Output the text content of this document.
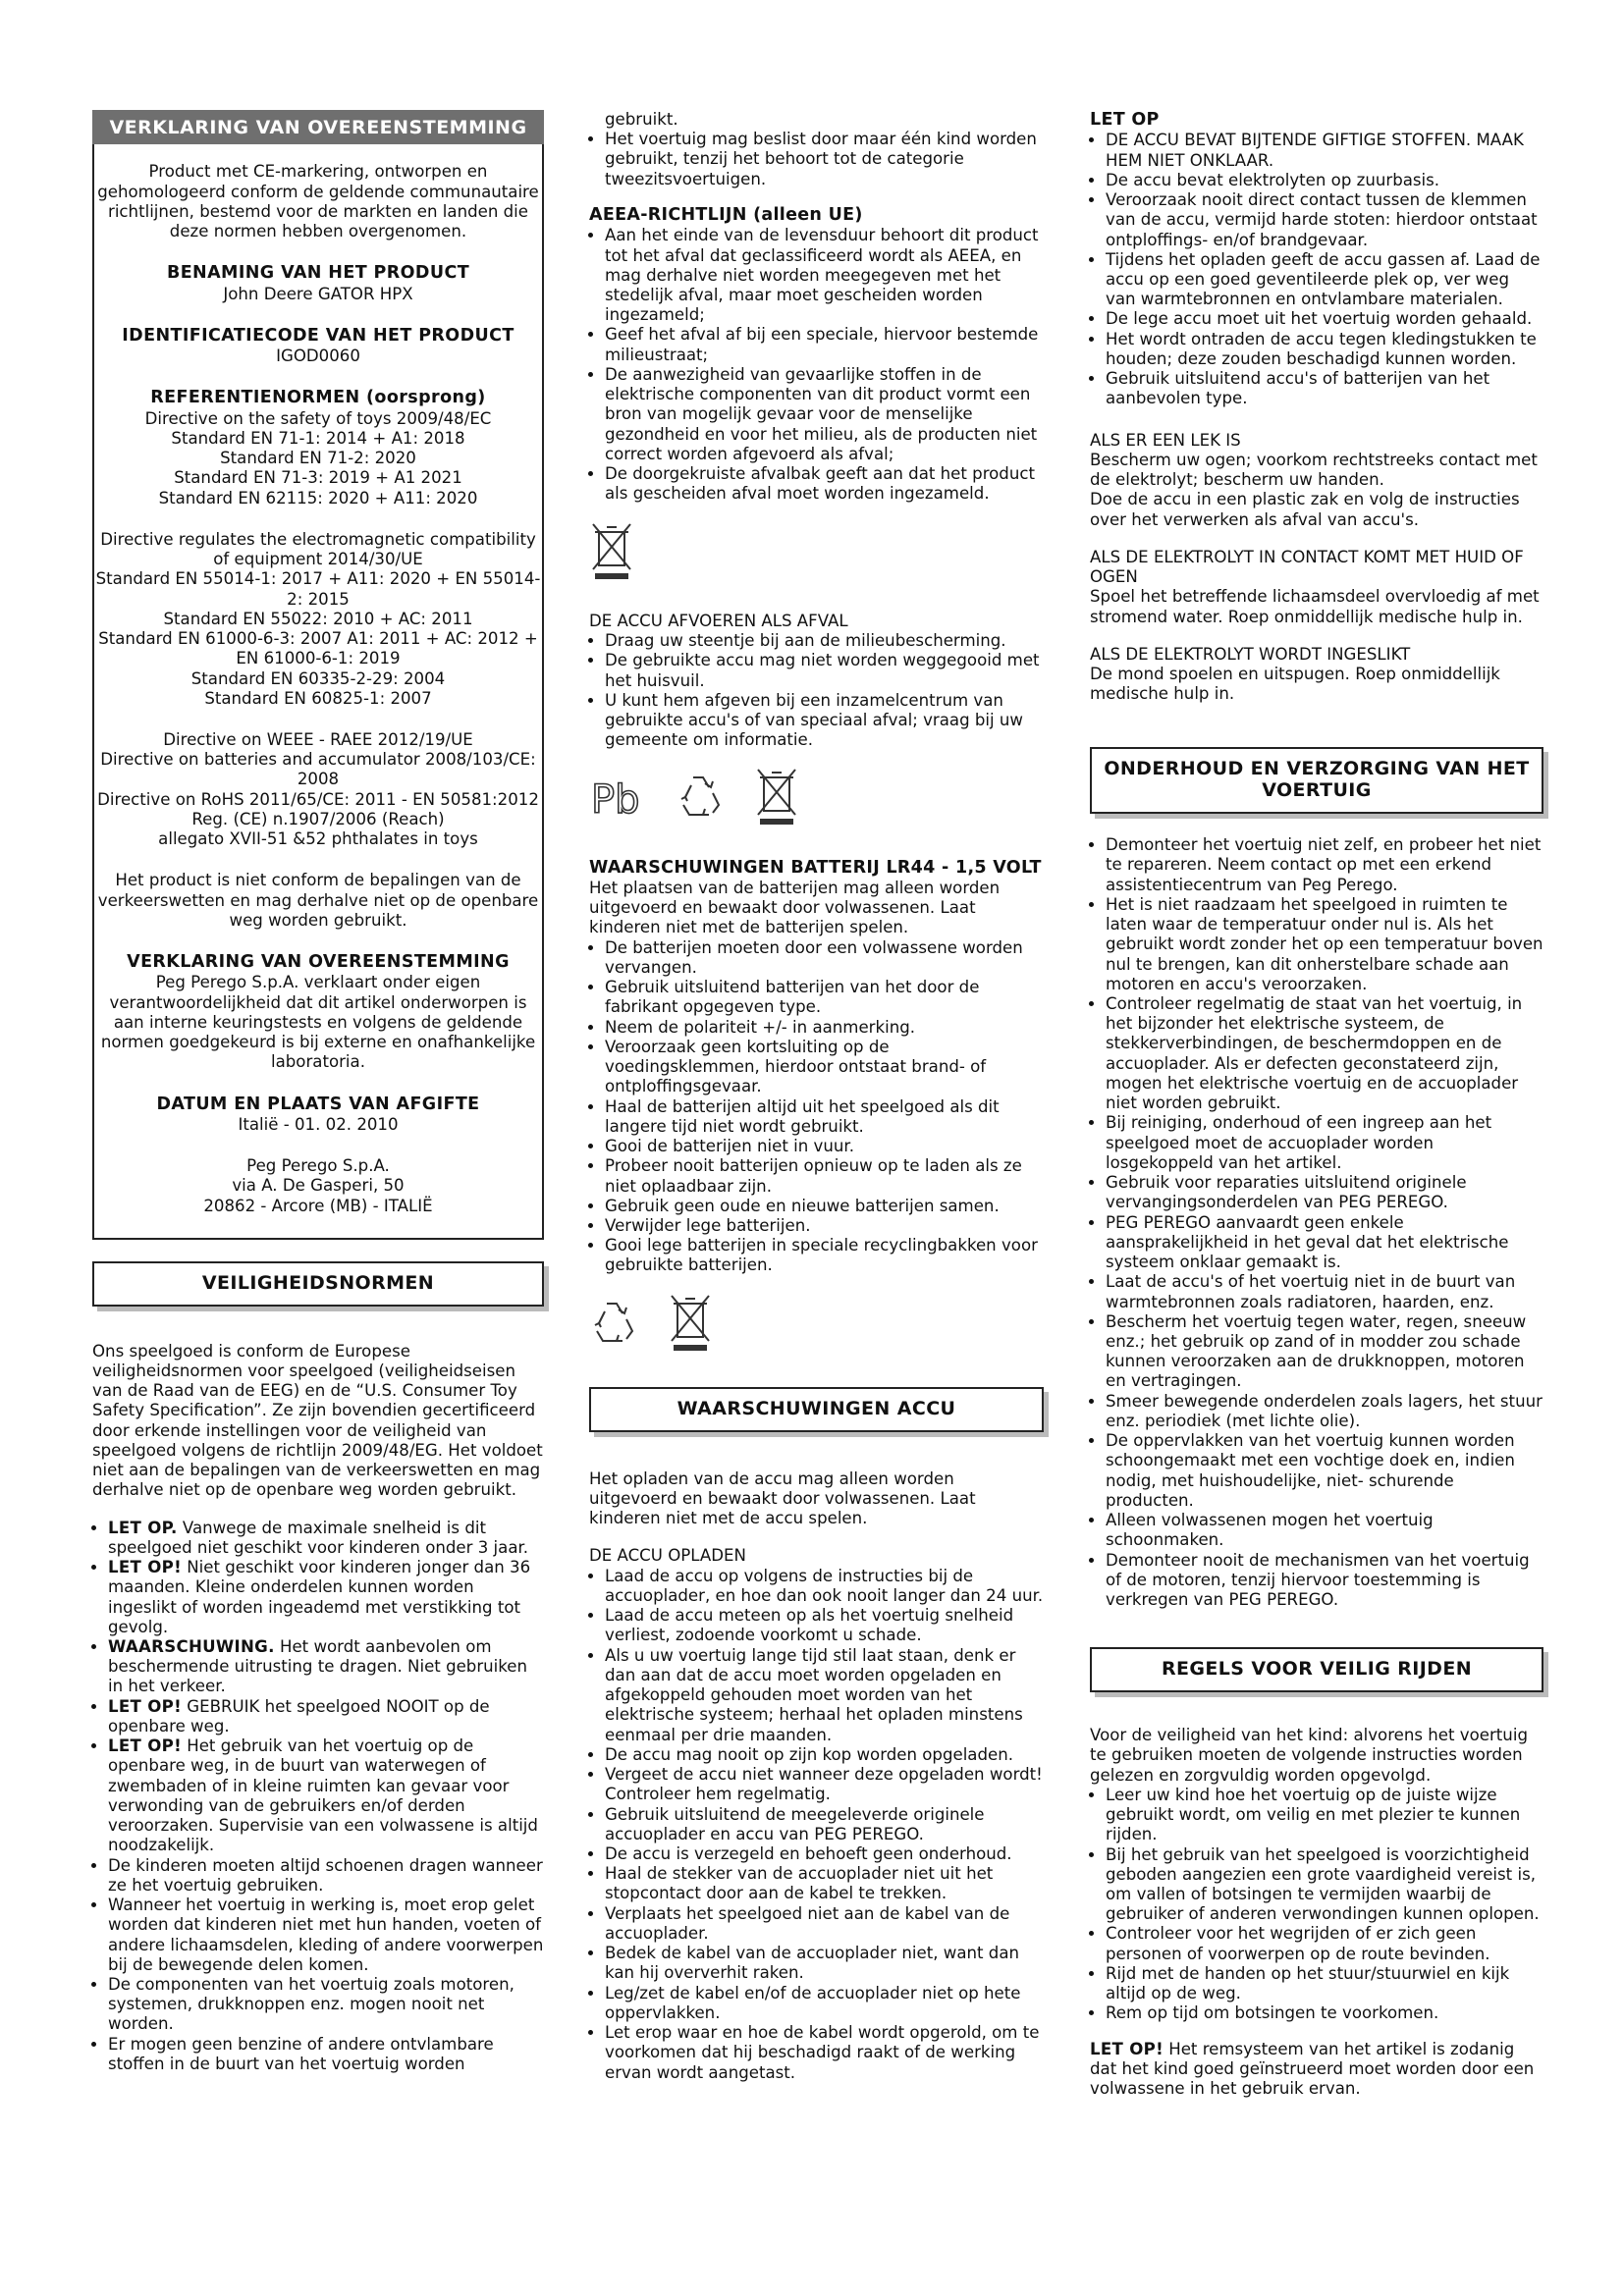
VERKLARING VAN OVEREENSTEMMING
Product met CE-markering, ontworpen en gehomologeerd conform de geldende communautaire richtlijnen, bestemd voor de markten en landen die deze normen hebben overgenomen.
BENAMING VAN HET PRODUCT
John Deere GATOR HPX
IDENTIFICATIECODE VAN HET PRODUCT
IGOD0060
REFERENTIENORMEN (oorsprong)
Directive on the safety of toys 2009/48/EC
Standard EN 71-1: 2014 + A1: 2018
Standard EN 71-2: 2020
Standard EN 71-3: 2019 + A1 2021
Standard EN 62115: 2020 + A11: 2020
Directive regulates the electromagnetic compatibility of equipment 2014/30/UE
Standard EN 55014-1: 2017 + A11: 2020 + EN 55014-2: 2015
Standard EN 55022: 2010 + AC: 2011
Standard EN 61000-6-3: 2007 A1: 2011 + AC: 2012 + EN 61000-6-1: 2019
Standard EN 60335-2-29: 2004
Standard EN 60825-1: 2007
Directive on WEEE - RAEE 2012/19/UE
Directive on batteries and accumulator 2008/103/CE: 2008
Directive on RoHS 2011/65/CE: 2011 - EN 50581:2012
Reg. (CE) n.1907/2006 (Reach)
allegato XVII-51 &52 phthalates in toys
Het product is niet conform de bepalingen van de verkeerswetten en mag derhalve niet op de openbare weg worden gebruikt.
VERKLARING VAN OVEREENSTEMMING
Peg Perego S.p.A. verklaart onder eigen verantwoordelijkheid dat dit artikel onderworpen is aan interne keuringstests en volgens de geldende normen goedgekeurd is bij externe en onafhankelijke laboratoria.
DATUM EN PLAATS VAN AFGIFTE
Italië - 01. 02. 2010
Peg Perego S.p.A.
via A. De Gasperi, 50
20862 - Arcore (MB) - ITALIË
VEILIGHEIDSNORMEN

Ons speelgoed is conform de Europese veiligheidsnormen voor speelgoed (veiligheidseisen van de Raad van de EEG) en de “U.S. Consumer Toy Safety Specification”. Ze zijn bovendien gecertificeerd door erkende instellingen voor de veiligheid van speelgoed volgens de richtlijn 2009/48/EG. Het voldoet niet aan de bepalingen van de verkeerswetten en mag derhalve niet op de openbare weg worden gebruikt.

• LET OP. Vanwege de maximale snelheid is dit speelgoed niet geschikt voor kinderen onder 3 jaar.
• LET OP! Niet geschikt voor kinderen jonger dan 36 maanden. Kleine onderdelen kunnen worden ingeslikt of worden ingeademd met verstikking tot gevolg.
• WAARSCHUWING. Het wordt aanbevolen om beschermende uitrusting te dragen. Niet gebruiken in het verkeer.
• LET OP! GEBRUIK het speelgoed NOOIT op de openbare weg.
• LET OP! Het gebruik van het voertuig op de openbare weg, in de buurt van waterwegen of zwembaden of in kleine ruimten kan gevaar voor verwonding van de gebruikers en/of derden veroorzaken. Supervisie van een volwassene is altijd noodzakelijk.
• De kinderen moeten altijd schoenen dragen wanneer ze het voertuig gebruiken.
• Wanneer het voertuig in werking is, moet erop gelet worden dat kinderen niet met hun handen, voeten of andere lichaamsdelen, kleding of andere voorwerpen bij de bewegende delen komen.
• De componenten van het voertuig zoals motoren, systemen, drukknoppen enz. mogen nooit net worden.
• Er mogen geen benzine of andere ontvlambare stoffen in de buurt van het voertuig worden
gebruikt.
• Het voertuig mag beslist door maar één kind worden gebruikt, tenzij het behoort tot de categorie tweezitsvoertuigen.
AEEA-RICHTLIJN (alleen UE)
• Aan het einde van de levensduur behoort dit product tot het afval dat geclassificeerd wordt als AEEA, en mag derhalve niet worden meegegeven met het stedelijk afval, maar moet gescheiden worden ingezameld;
• Geef het afval af bij een speciale, hiervoor bestemde milieustraat;
• De aanwezigheid van gevaarlijke stoffen in de elektrische componenten van dit product vormt een bron van mogelijk gevaar voor de menselijke gezondheid en voor het milieu, als de producten niet correct worden afgevoerd als afval;
• De doorgekruiste afvalbak geeft aan dat het product als gescheiden afval moet worden ingezameld.
DE ACCU AFVOEREN ALS AFVAL
• Draag uw steentje bij aan de milieubescherming.
• De gebruikte accu mag niet worden weggegooid met het huisvuil.
• U kunt hem afgeven bij een inzamelcentrum van gebruikte accu's of van speciaal afval; vraag bij uw gemeente om informatie.
Pb
WAARSCHUWINGEN BATTERIJ LR44 - 1,5 VOLT
Het plaatsen van de batterijen mag alleen worden uitgevoerd en bewaakt door volwassenen. Laat kinderen niet met de batterijen spelen.
• De batterijen moeten door een volwassene worden vervangen.
• Gebruik uitsluitend batterijen van het door de fabrikant opgegeven type.
• Neem de polariteit +/- in aanmerking.
• Veroorzaak geen kortsluiting op de voedingsklemmen, hierdoor ontstaat brand- of ontploffingsgevaar.
• Haal de batterijen altijd uit het speelgoed als dit langere tijd niet wordt gebruikt.
• Gooi de batterijen niet in vuur.
• Probeer nooit batterijen opnieuw op te laden als ze niet oplaadbaar zijn.
• Gebruik geen oude en nieuwe batterijen samen.
• Verwijder lege batterijen.
• Gooi lege batterijen in speciale recyclingbakken voor gebruikte batterijen.
WAARSCHUWINGEN ACCU

Het opladen van de accu mag alleen worden uitgevoerd en bewaakt door volwassenen. Laat kinderen niet met de accu spelen.

DE ACCU OPLADEN
• Laad de accu op volgens de instructies bij de accuoplader, en hoe dan ook nooit langer dan 24 uur.
• Laad de accu meteen op als het voertuig snelheid verliest, zodoende voorkomt u schade.
• Als u uw voertuig lange tijd stil laat staan, denk er dan aan dat de accu moet worden opgeladen en afgekoppeld gehouden moet worden van het elektrische systeem; herhaal het opladen minstens eenmaal per drie maanden.
• De accu mag nooit op zijn kop worden opgeladen.
• Vergeet de accu niet wanneer deze opgeladen wordt! Controleer hem regelmatig.
• Gebruik uitsluitend de meegeleverde originele accuoplader en accu van PEG PEREGO.
• De accu is verzegeld en behoeft geen onderhoud.
• Haal de stekker van de accuoplader niet uit het stopcontact door aan de kabel te trekken.
• Verplaats het speelgoed niet aan de kabel van de accuoplader.
• Bedek de kabel van de accuoplader niet, want dan kan hij oververhit raken.
• Leg/zet de kabel en/of de accuoplader niet op hete oppervlakken.
• Let erop waar en hoe de kabel wordt opgerold, om te voorkomen dat hij beschadigd raakt of de werking ervan wordt aangetast.
LET OP
• DE ACCU BEVAT BIJTENDE GIFTIGE STOFFEN. MAAK HEM NIET ONKLAAR.
• De accu bevat elektrolyten op zuurbasis.
• Veroorzaak nooit direct contact tussen de klemmen van de accu, vermijd harde stoten: hierdoor ontstaat ontploffings- en/of brandgevaar.
• Tijdens het opladen geeft de accu gassen af. Laad de accu op een goed geventileerde plek op, ver weg van warmtebronnen en ontvlambare materialen.
• De lege accu moet uit het voertuig worden gehaald.
• Het wordt ontraden de accu tegen kledingstukken te houden; deze zouden beschadigd kunnen worden.
• Gebruik uitsluitend accu's of batterijen van het aanbevolen type.
ALS ER EEN LEK IS

Bescherm uw ogen; voorkom rechtstreeks contact met de elektrolyt; bescherm uw handen.
Doe de accu in een plastic zak en volg de instructies over het verwerken als afval van accu's.

ALS DE ELEKTROLYT IN CONTACT KOMT MET HUID OF OGEN

Spoel het betreffende lichaamsdeel overvloedig af met stromend water. Roep onmiddellijk medische hulp in.

ALS DE ELEKTROLYT WORDT INGESLIKT

De mond spoelen en uitspugen. Roep onmiddellijk medische hulp in.

ONDERHOUD EN VERZORGING VAN HET VOERTUIG
• Demonteer het voertuig niet zelf, en probeer het niet te repareren. Neem contact op met een erkend assistentiecentrum van Peg Perego.
• Het is niet raadzaam het speelgoed in ruimten te laten waar de temperatuur onder nul is. Als het gebruikt wordt zonder het op een temperatuur boven nul te brengen, kan dit onherstelbare schade aan motoren en accu's veroorzaken.
• Controleer regelmatig de staat van het voertuig, in het bijzonder het elektrische systeem, de stekkerverbindingen, de beschermdoppen en de accuoplader. Als er defecten geconstateerd zijn, mogen het elektrische voertuig en de accuoplader niet worden gebruikt.
• Bij reiniging, onderhoud of een ingreep aan het speelgoed moet de accuoplader worden losgekoppeld van het artikel.
• Gebruik voor reparaties uitsluitend originele vervangingsonderdelen van PEG PEREGO.
• PEG PEREGO aanvaardt geen enkele aansprakelijkheid in het geval dat het elektrische systeem onklaar gemaakt is.
• Laat de accu's of het voertuig niet in de buurt van warmtebronnen zoals radiatoren, haarden, enz.
• Bescherm het voertuig tegen water, regen, sneeuw enz.; het gebruik op zand of in modder zou schade kunnen veroorzaken aan de drukknoppen, motoren en vertragingen.
• Smeer bewegende onderdelen zoals lagers, het stuur enz. periodiek (met lichte olie).
• De oppervlakken van het voertuig kunnen worden schoongemaakt met een vochtige doek en, indien nodig, met huishoudelijke, niet- schurende producten.
• Alleen volwassenen mogen het voertuig schoonmaken.
• Demonteer nooit de mechanismen van het voertuig of de motoren, tenzij hiervoor toestemming is verkregen van PEG PEREGO.
REGELS VOOR VEILIG RIJDEN
Voor de veiligheid van het kind: alvorens het voertuig te gebruiken moeten de volgende instructies worden gelezen en zorgvuldig worden opgevolgd.
• Leer uw kind hoe het voertuig op de juiste wijze gebruikt wordt, om veilig en met plezier te kunnen rijden.
• Bij het gebruik van het speelgoed is voorzichtigheid geboden aangezien een grote vaardigheid vereist is, om vallen of botsingen te vermijden waarbij de gebruiker of anderen verwondingen kunnen oplopen.
• Controleer voor het wegrijden of er zich geen personen of voorwerpen op de route bevinden.
• Rijd met de handen op het stuur/stuurwiel en kijk altijd op de weg.
• Rem op tijd om botsingen te voorkomen.

LET OP! Het remsysteem van het artikel is zodanig dat het kind goed geïnstrueerd moet worden door een volwassene in het gebruik ervan.
